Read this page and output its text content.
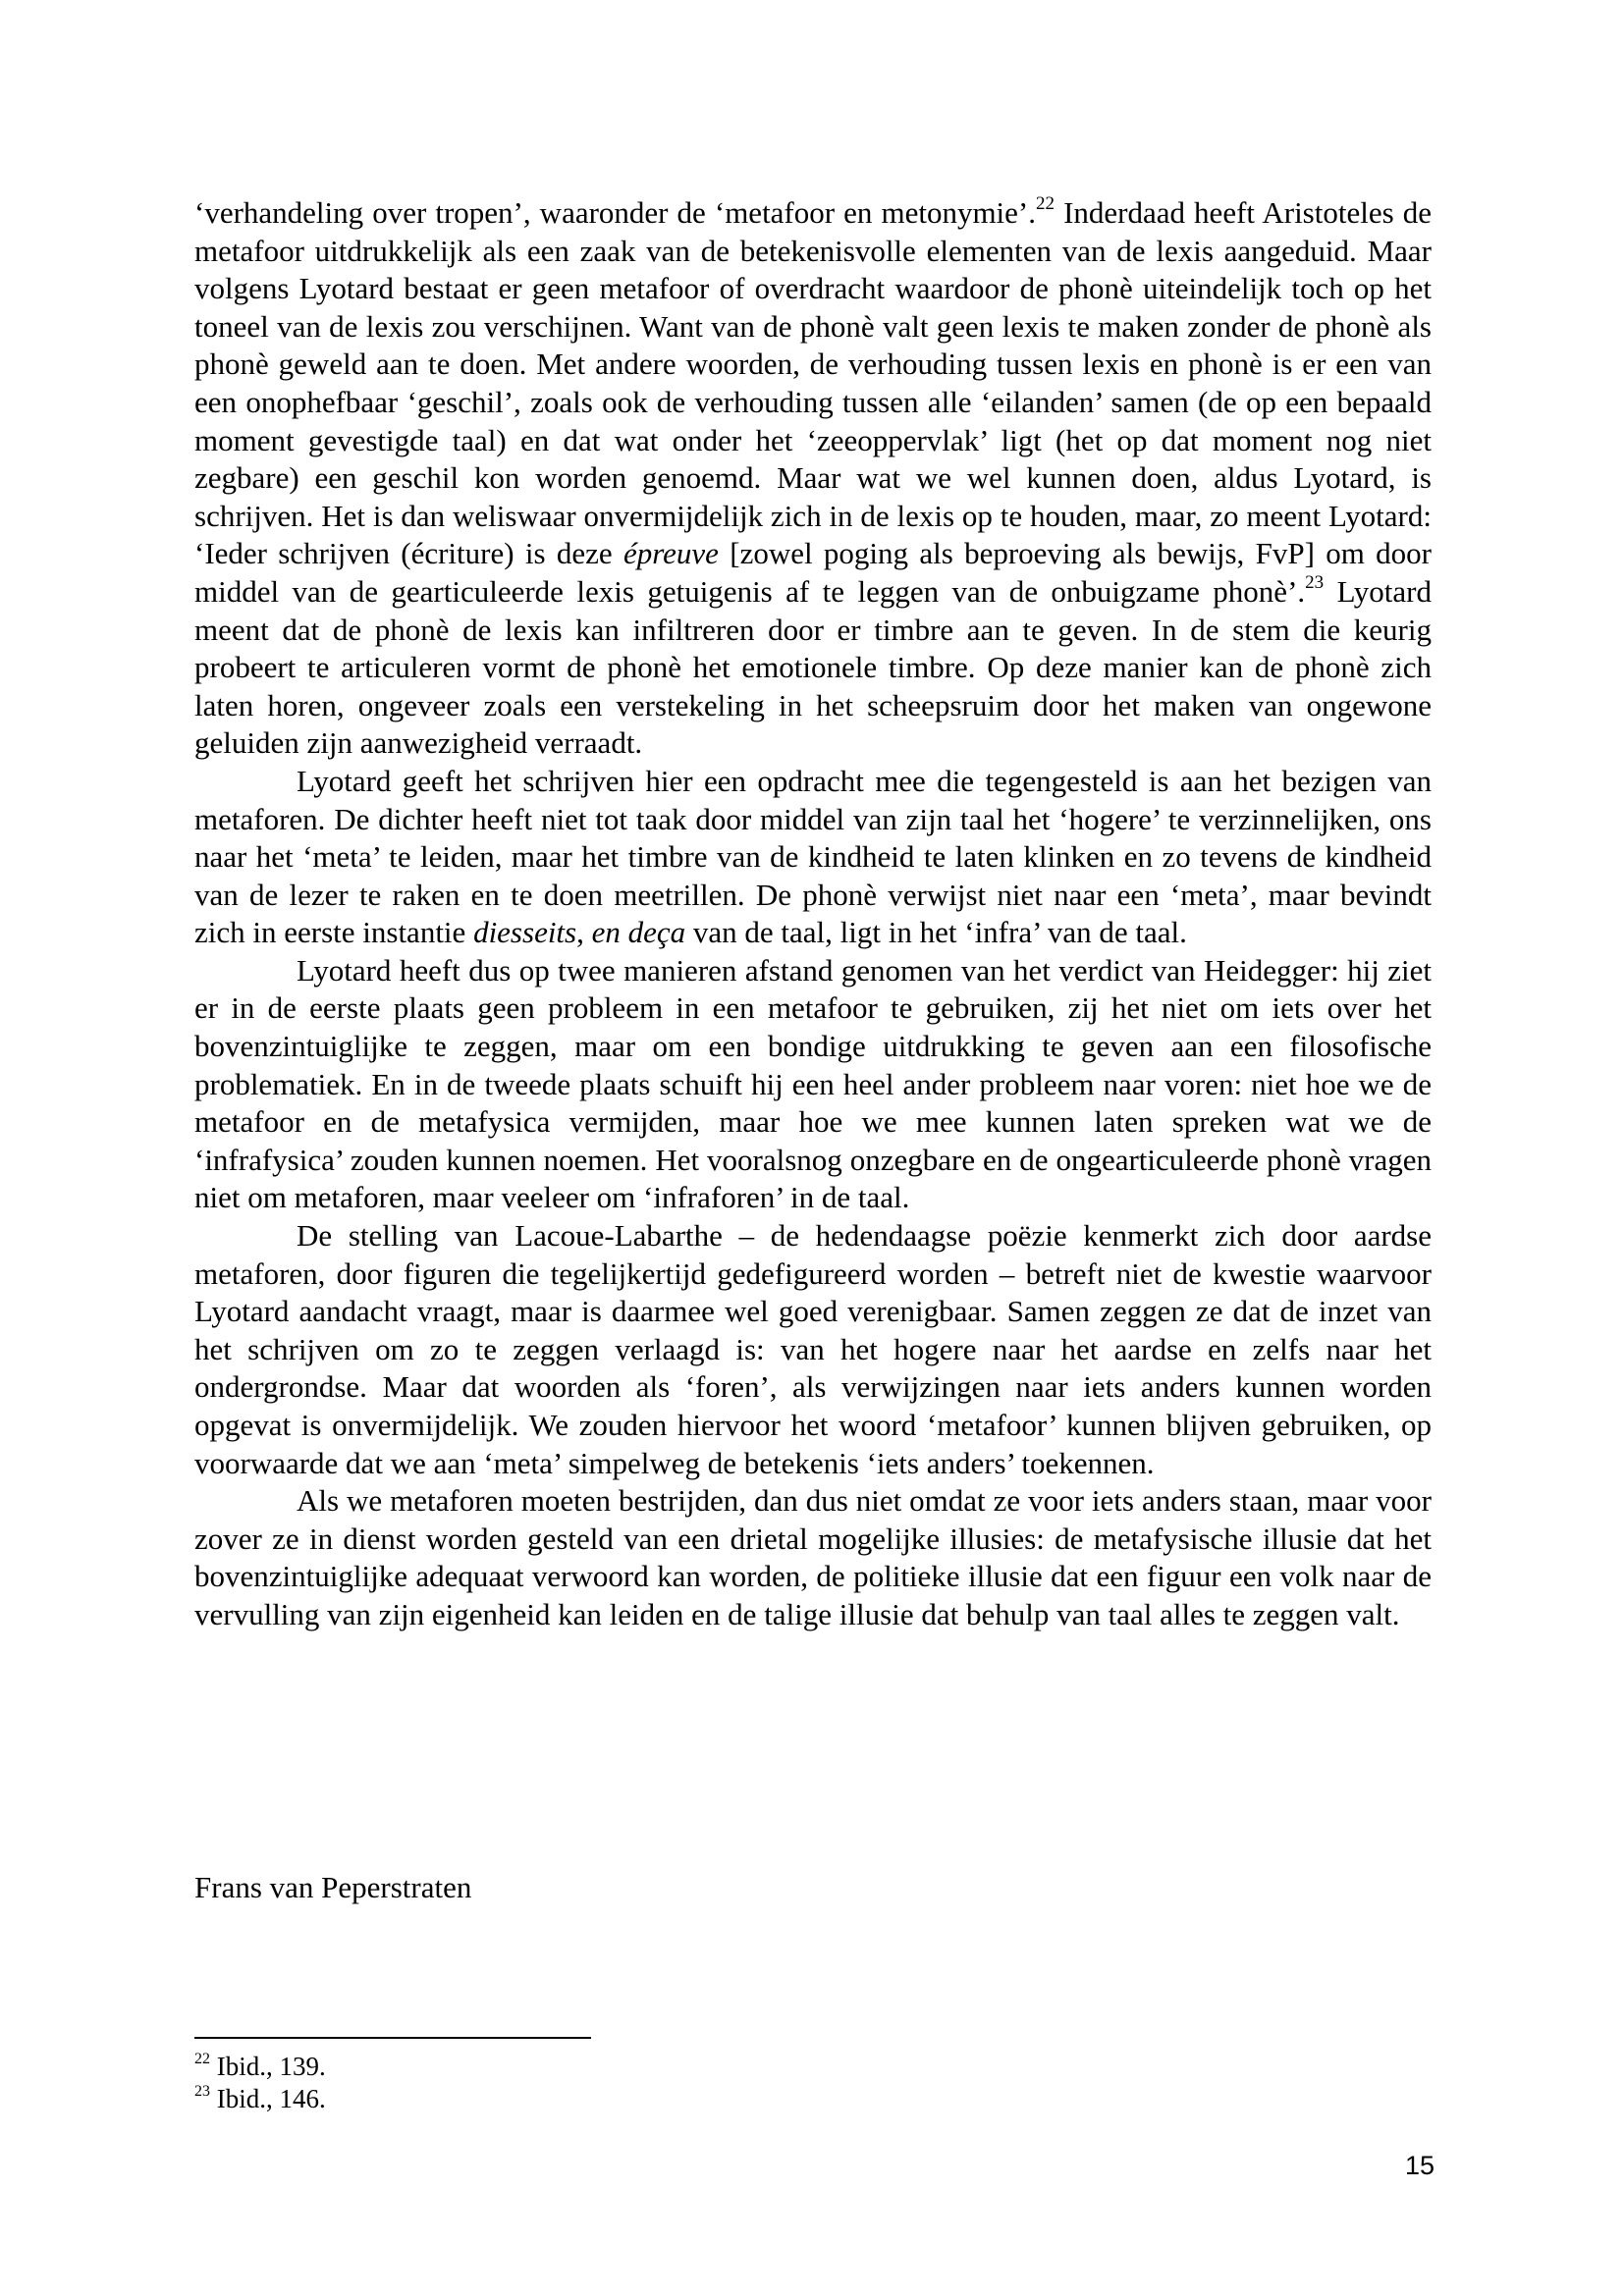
‘verhandeling over tropen’, waaronder de ‘metafoor en metonymie’.$^{22}$ Inderdaad heeft Aristoteles de metafoor uitdrukkelijk als een zaak van de betekenisvolle elementen van de lexis aangeduid. Maar volgens Lyotard bestaat er geen metafoor of overdracht waardoor de phonè uiteindelijk toch op het toneel van de lexis zou verschijnen. Want van de phonè valt geen lexis te maken zonder de phonè als phonè geweld aan te doen. Met andere woorden, de verhouding tussen lexis en phonè is er een van een onophefbaar ‘geschil’, zoals ook de verhouding tussen alle ‘eilanden’ samen (de op een bepaald moment gevestigde taal) en dat wat onder het ‘zeeoppervlak’ ligt (het op dat moment nog niet zegbare) een geschil kon worden genoemd. Maar wat we wel kunnen doen, aldus Lyotard, is schrijven. Het is dan weliswaar onvermijdelijk zich in de lexis op te houden, maar, zo meent Lyotard: ‘Ieder schrijven (écriture) is deze épreuve [zowel poging als beproeving als bewijs, FvP] om door middel van de gearticuleerde lexis getuigenis af te leggen van de onbuigzame phonè’.$^{23}$ Lyotard meent dat de phonè de lexis kan infiltreren door er timbre aan te geven. In de stem die keurig probeert te articuleren vormt de phonè het emotionele timbre. Op deze manier kan de phonè zich laten horen, ongeveer zoals een verstekeling in het scheepsruim door het maken van ongewone geluiden zijn aanwezigheid verraadt.

Lyotard geeft het schrijven hier een opdracht mee die tegengesteld is aan het bezigen van metaforen. De dichter heeft niet tot taak door middel van zijn taal het ‘hogere’ te verzinnelijken, ons naar het ‘meta’ te leiden, maar het timbre van de kindheid te laten klinken en zo tevens de kindheid van de lezer te raken en te doen meetrillen. De phonè verwijst niet naar een ‘meta’, maar bevindt zich in eerste instantie diesseits, en deça van de taal, ligt in het ‘infra’ van de taal.

Lyotard heeft dus op twee manieren afstand genomen van het verdict van Heidegger: hij ziet er in de eerste plaats geen probleem in een metafoor te gebruiken, zij het niet om iets over het bovenzintuiglijke te zeggen, maar om een bondige uitdrukking te geven aan een filosofische problematiek. En in de tweede plaats schuift hij een heel ander probleem naar voren: niet hoe we de metafoor en de metafysica vermijden, maar hoe we mee kunnen laten spreken wat we de ‘infrafysica’ zouden kunnen noemen. Het vooralsnog onzegbare en de ongearticuleerde phonè vragen niet om metaforen, maar veeleer om ‘infraforen’ in de taal.

De stelling van Lacoue-Labarthe – de hedendaagse poëzie kenmerkt zich door aardse metaforen, door figuren die tegelijkertijd gedefigureerd worden – betreft niet de kwestie waarvoor Lyotard aandacht vraagt, maar is daarmee wel goed verenigbaar. Samen zeggen ze dat de inzet van het schrijven om zo te zeggen verlaagd is: van het hogere naar het aardse en zelfs naar het ondergrondse. Maar dat woorden als ‘foren’, als verwijzingen naar iets anders kunnen worden opgevat is onvermijdelijk. We zouden hiervoor het woord ‘metafoor’ kunnen blijven gebruiken, op voorwaarde dat we aan ‘meta’ simpelweg de betekenis ‘iets anders’ toekennen.

Als we metaforen moeten bestrijden, dan dus niet omdat ze voor iets anders staan, maar voor zover ze in dienst worden gesteld van een drietal mogelijke illusies: de metafysische illusie dat het bovenzintuiglijke adequaat verwoord kan worden, de politieke illusie dat een figuur een volk naar de vervulling van zijn eigenheid kan leiden en de talige illusie dat behulp van taal alles te zeggen valt.

Frans van Peperstraten
$^{22}$ Ibid., 139.
$^{23}$ Ibid., 146.
15
